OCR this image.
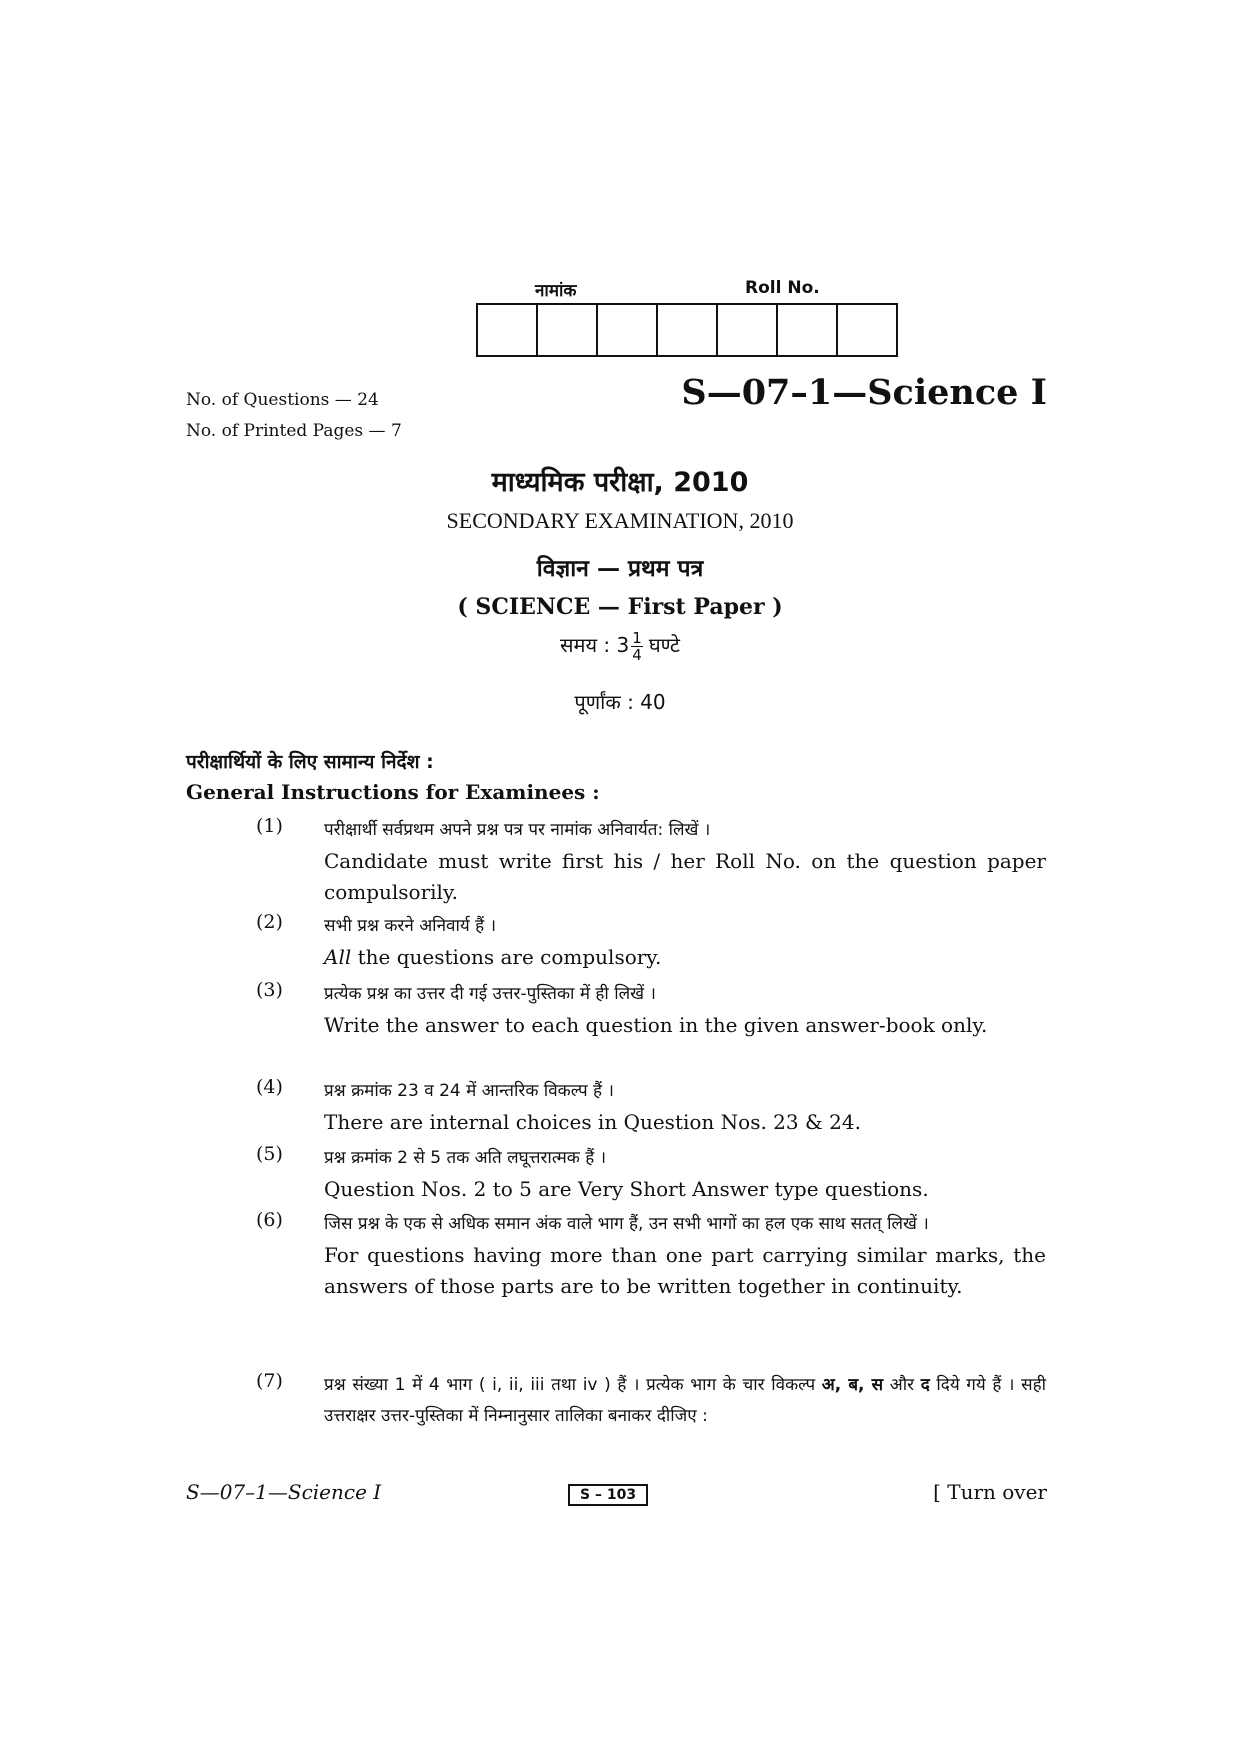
नामांक	Roll No.
No. of Questions — 24
No. of Printed Pages — 7
S—07–1—Science I
माध्यमिक परीक्षा, 2010
SECONDARY EXAMINATION, 2010
विज्ञान — प्रथम पत्र
( SCIENCE — First Paper )
समय : $3 \frac{1}{4}$ घण्टे
पूर्णांक : 40
परीक्षार्थियों के लिए सामान्य निर्देश :
General Instructions for Examinees :
(1) परीक्षार्थी सर्वप्रथम अपने प्रश्न पत्र पर नामांक अनिवार्यत: लिखें ।
Candidate must write first his / her Roll No. on the question paper compulsorily.
(2) सभी प्रश्न करने अनिवार्य हैं ।
All the questions are compulsory.
(3) प्रत्येक प्रश्न का उत्तर दी गई उत्तर-पुस्तिका में ही लिखें ।
Write the answer to each question in the given answer-book only.
(4) प्रश्न क्रमांक 23 व 24 में आन्तरिक विकल्प हैं ।
There are internal choices in Question Nos. 23 & 24.
(5) प्रश्न क्रमांक 2 से 5 तक अति लघूत्तरात्मक हैं ।
Question Nos. 2 to 5 are Very Short Answer type questions.
(6) जिस प्रश्न के एक से अधिक समान अंक वाले भाग हैं, उन सभी भागों का हल एक साथ सतत् लिखें ।
For questions having more than one part carrying similar marks, the answers of those parts are to be written together in continuity.
(7) प्रश्न संख्या 1 में 4 भाग ( i, ii, iii तथा iv ) हैं । प्रत्येक भाग के चार विकल्प अ, ब, स और द दिये गये हैं । सही उत्तराक्षर उत्तर-पुस्तिका में निम्नानुसार तालिका बनाकर दीजिए :
S—07–1—Science I	S – 103	[ Turn over
